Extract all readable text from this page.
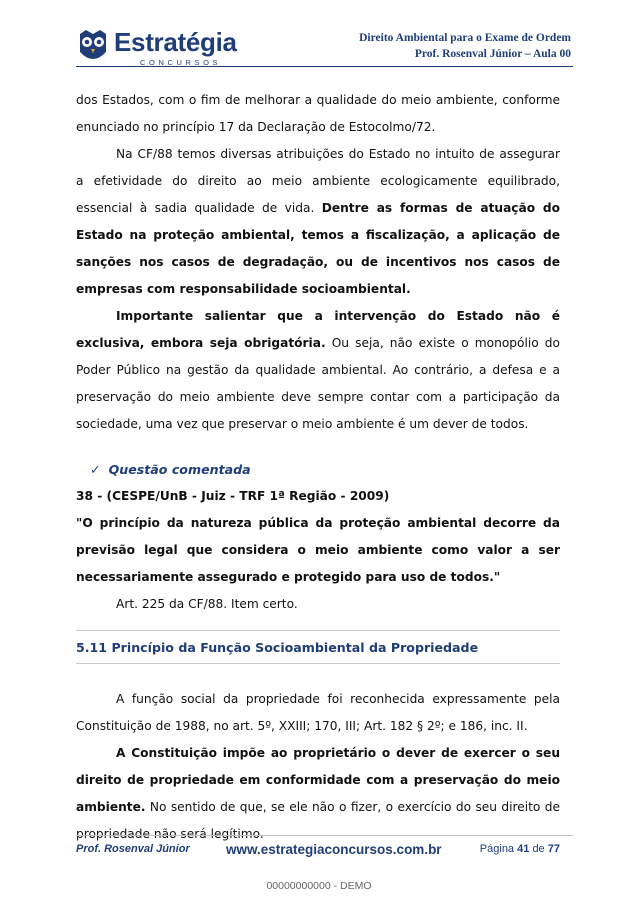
Estratégia
CONCURSOS
Direito Ambiental para o Exame de Ordem
Prof. Rosenval Júnior – Aula 00

dos Estados, com o fim de melhorar a qualidade do meio ambiente, conforme enunciado no princípio 17 da Declaração de Estocolmo/72.

Na CF/88 temos diversas atribuições do Estado no intuito de assegurar a efetividade do direito ao meio ambiente ecologicamente equilibrado, essencial à sadia qualidade de vida. Dentre as formas de atuação do Estado na proteção ambiental, temos a fiscalização, a aplicação de sanções nos casos de degradação, ou de incentivos nos casos de empresas com responsabilidade socioambiental.

Importante salientar que a intervenção do Estado não é exclusiva, embora seja obrigatória. Ou seja, não existe o monopólio do Poder Público na gestão da qualidade ambiental. Ao contrário, a defesa e a preservação do meio ambiente deve sempre contar com a participação da sociedade, uma vez que preservar o meio ambiente é um dever de todos.

✓ Questão comentada

38 - (CESPE/UnB - Juiz - TRF 1ª Região - 2009)

"O princípio da natureza pública da proteção ambiental decorre da previsão legal que considera o meio ambiente como valor a ser necessariamente assegurado e protegido para uso de todos."

Art. 225 da CF/88. Item certo.

5.11 Princípio da Função Socioambiental da Propriedade

A função social da propriedade foi reconhecida expressamente pela Constituição de 1988, no art. 5º, XXIII; 170, III; Art. 182 § 2º; e 186, inc. II.

A Constituição impõe ao proprietário o dever de exercer o seu direito de propriedade em conformidade com a preservação do meio ambiente. No sentido de que, se ele não o fizer, o exercício do seu direito de propriedade não será legítimo.

Prof. Rosenval Júnior	www.estrategiaconcursos.com.br	Página 41 de 77
00000000000 - DEMO
